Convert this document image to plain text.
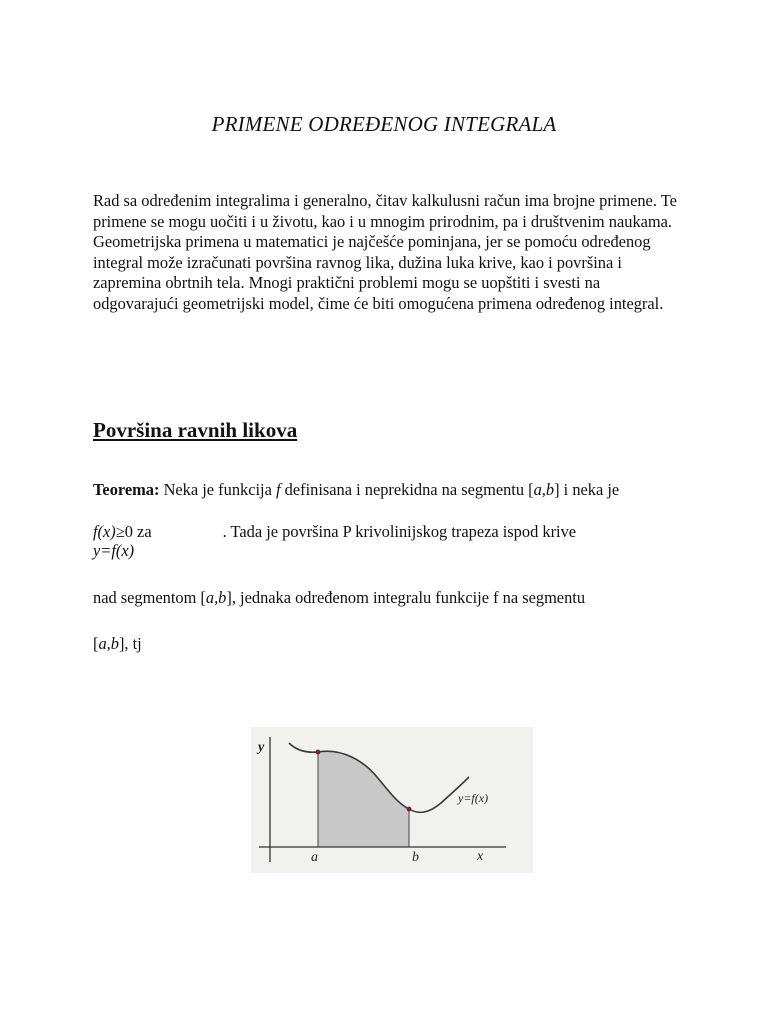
PRIMENE ODREĐENOG INTEGRALA

Rad sa određenim integralima i generalno, čitav kalkulusni račun ima brojne primene. Te primene se mogu uočiti i u životu, kao i u mnogim prirodnim, pa i društvenim naukama. Geometrijska primena u matematici je najčešće pominjana, jer se pomoću određenog integral može izračunati površina ravnog lika, dužina luka krive, kao i površina i zapremina obrtnih tela. Mnogi praktični problemi mogu se uopštiti i svesti na odgovarajući geometrijski model, čime će biti omogućena primena određenog integral.

Površina ravnih likova

Teorema: Neka je funkcija f definisana i neprekidna na segmentu [a,b] i neka je

f(x)≥0 za	. Tada je površina P krivolinijskog trapeza ispod krive

y=f(x)

nad segmentom [a,b], jednaka određenom integralu funkcije f na segmentu

[a,b], tj

y
x
a	b
y=f(x)
